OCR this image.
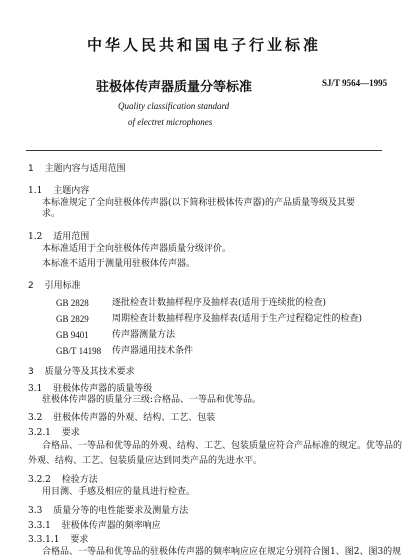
中华人民共和国电子行业标准
驻极体传声器质量分等标准	SJ/T 9564—1995
Quality classification standard
of electret microphones
1 主题内容与适用范围
1.1 主题内容
本标准规定了全向驻极体传声器(以下简称驻极体传声器)的产品质量等级及其要求。
1.2 适用范围
本标准适用于全向驻极体传声器质量分级评价。
本标准不适用于测量用驻极体传声器。
2 引用标准
GB 2828	逐批检查计数抽样程序及抽样表(适用于连续批的检查)
GB 2829	周期检查计数抽样程序及抽样表(适用于生产过程稳定性的检查)
GB 9401	传声器测量方法
GB/T 14198 传声器通用技术条件
3 质量分等及其技术要求
3.1 驻极体传声器的质量等级
驻极体传声器的质量分三级:合格品、一等品和优等品。
3.2 驻极体传声器的外观、结构、工艺、包装
3.2.1 要求
合格品、一等品和优等品的外观、结构、工艺、包装质量应符合产品标准的规定。优等品的
外观、结构、工艺、包装质量应达到同类产品的先进水平。
3.2.2 检验方法
用目测、手感及相应的量具进行检查。
3.3 质量分等的电性能要求及测量方法
3.3.1 驻极体传声器的频率响应
3.3.1.1 要求
合格品、一等品和优等品的驻极体传声器的频率响应应在规定分别符合图1、图2、图3的规
